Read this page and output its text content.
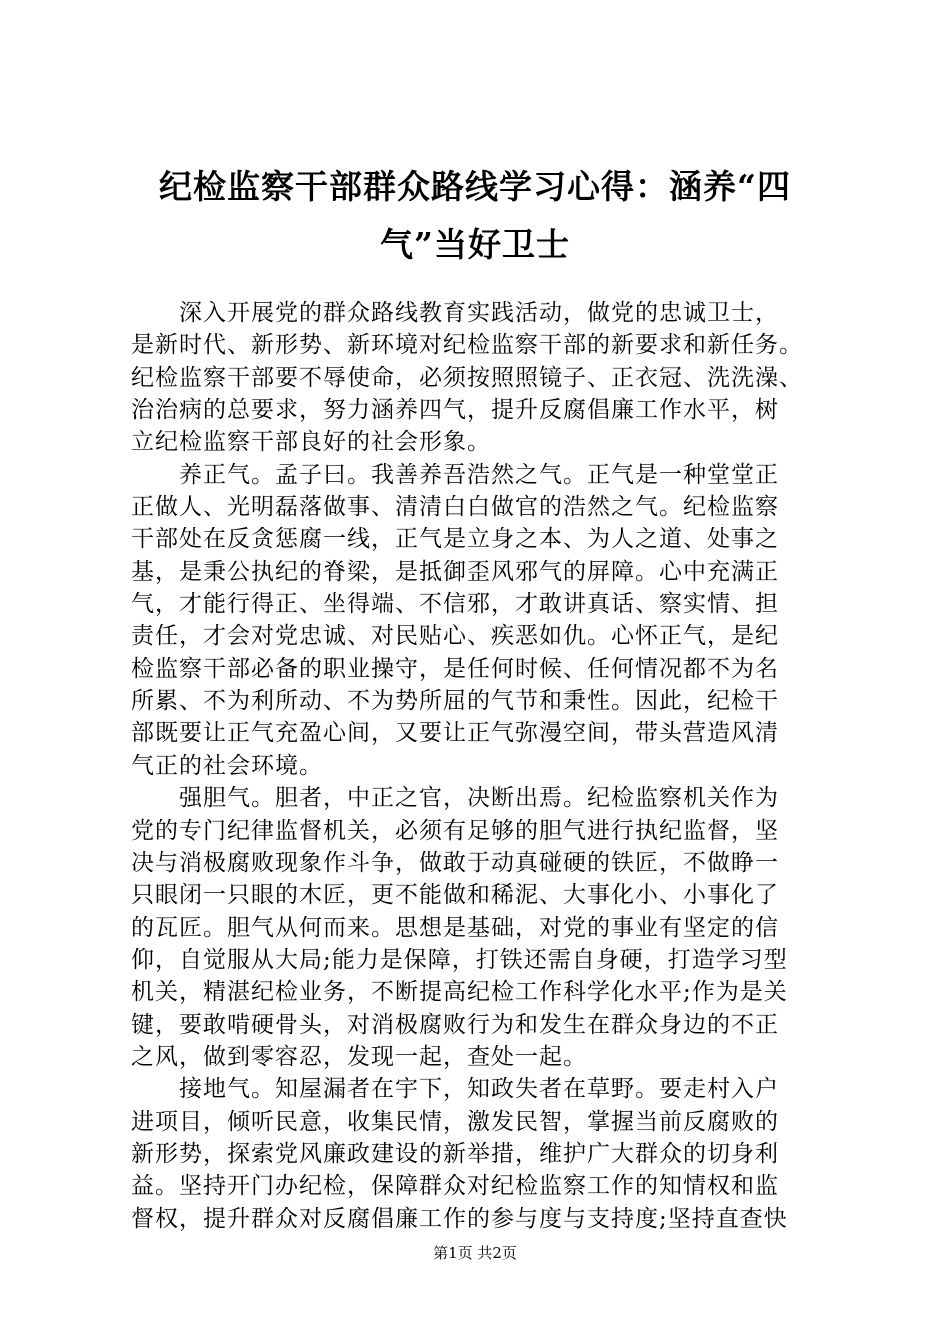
纪检监察干部群众路线学习心得：涵养“四
气”当好卫士

深入开展党的群众路线教育实践活动，做党的忠诚卫士，
是新时代、新形势、新环境对纪检监察干部的新要求和新任务。
纪检监察干部要不辱使命，必须按照照镜子、正衣冠、洗洗澡、
治治病的总要求，努力涵养四气，提升反腐倡廉工作水平，树
立纪检监察干部良好的社会形象。

养正气。孟子曰。我善养吾浩然之气。正气是一种堂堂正
正做人、光明磊落做事、清清白白做官的浩然之气。纪检监察
干部处在反贪惩腐一线，正气是立身之本、为人之道、处事之
基，是秉公执纪的脊梁，是抵御歪风邪气的屏障。心中充满正
气，才能行得正、坐得端、不信邪，才敢讲真话、察实情、担
责任，才会对党忠诚、对民贴心、疾恶如仇。心怀正气，是纪
检监察干部必备的职业操守，是任何时候、任何情况都不为名
所累、不为利所动、不为势所屈的气节和秉性。因此，纪检干
部既要让正气充盈心间，又要让正气弥漫空间，带头营造风清
气正的社会环境。

强胆气。胆者，中正之官，决断出焉。纪检监察机关作为
党的专门纪律监督机关，必须有足够的胆气进行执纪监督，坚
决与消极腐败现象作斗争，做敢于动真碰硬的铁匠，不做睁一
只眼闭一只眼的木匠，更不能做和稀泥、大事化小、小事化了
的瓦匠。胆气从何而来。思想是基础，对党的事业有坚定的信
仰，自觉服从大局;能力是保障，打铁还需自身硬，打造学习型
机关，精湛纪检业务，不断提高纪检工作科学化水平;作为是关
键，要敢啃硬骨头，对消极腐败行为和发生在群众身边的不正
之风，做到零容忍，发现一起，查处一起。

接地气。知屋漏者在宇下，知政失者在草野。要走村入户
进项目，倾听民意，收集民情，激发民智，掌握当前反腐败的
新形势，探索党风廉政建设的新举措，维护广大群众的切身利
益。坚持开门办纪检，保障群众对纪检监察工作的知情权和监
督权，提升群众对反腐倡廉工作的参与度与支持度;坚持直查快

第1页 共2页
